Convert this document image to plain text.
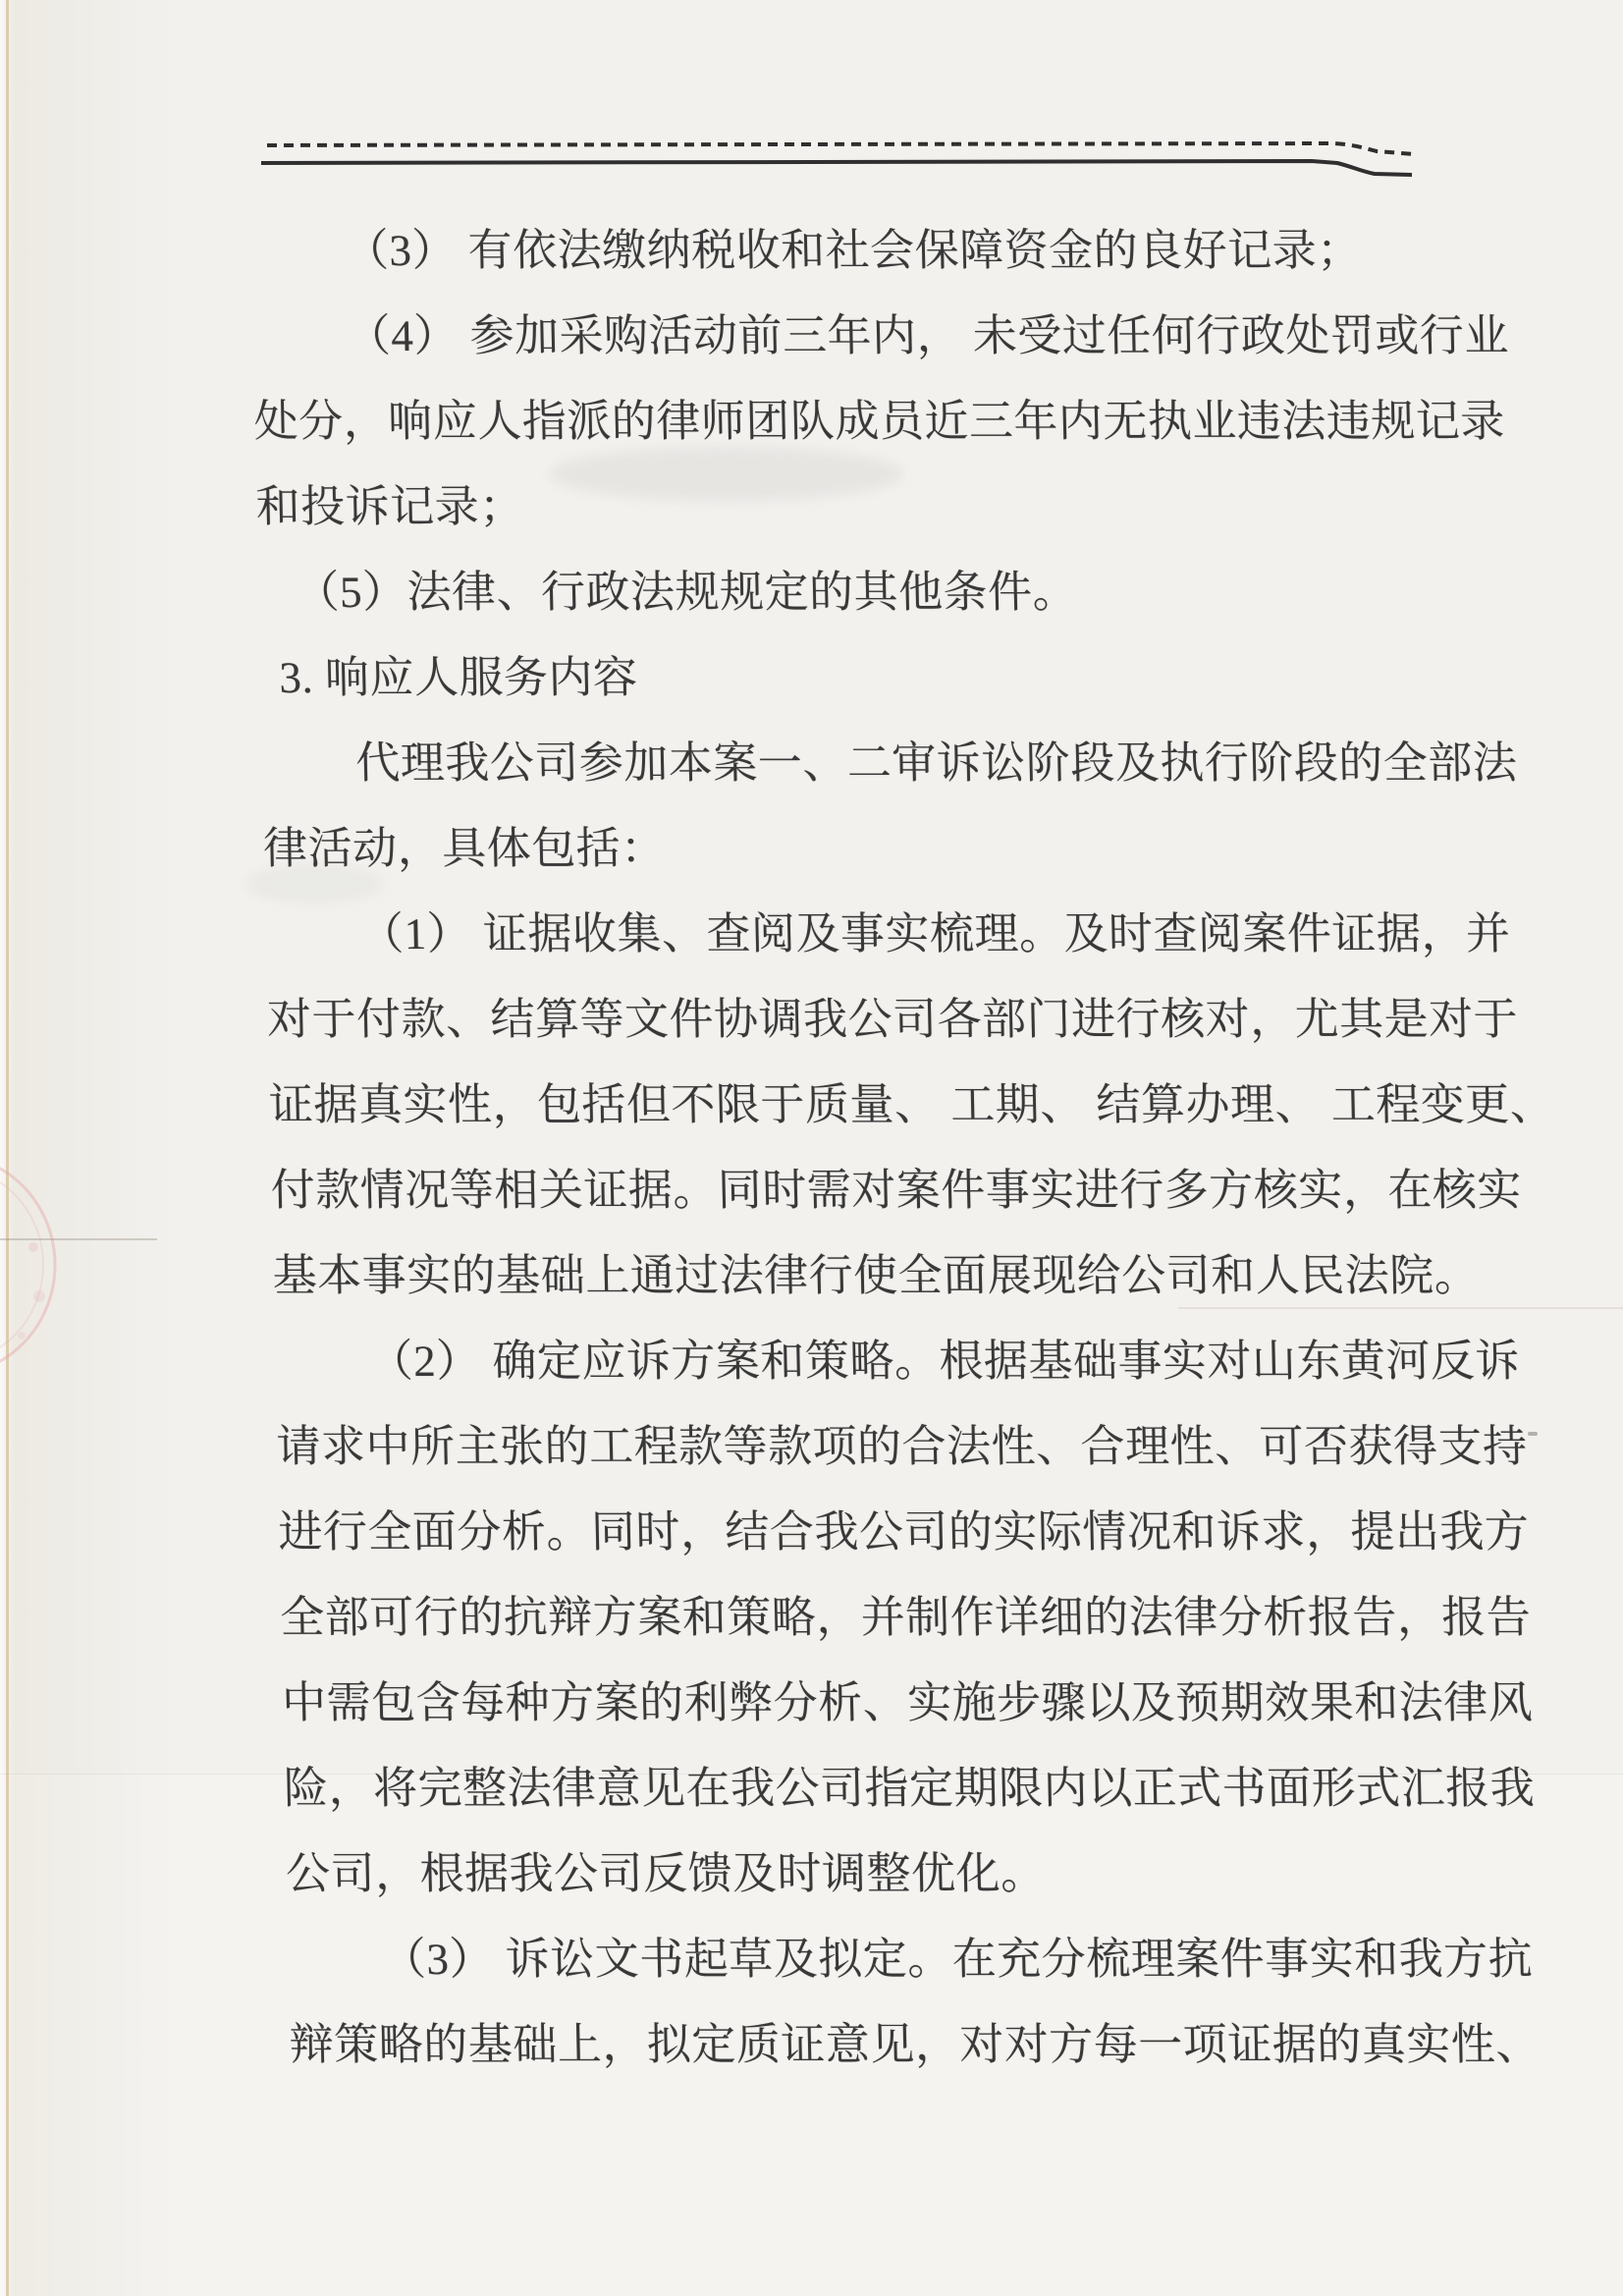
（3） 有依法缴纳税收和社会保障资金的良好记录；
（4） 参加采购活动前三年内， 未受过任何行政处罚或行业
处分，响应人指派的律师团队成员近三年内无执业违法违规记录
和投诉记录；
（5）法律、行政法规规定的其他条件。
3. 响应人服务内容
代理我公司参加本案一、二审诉讼阶段及执行阶段的全部法
律活动，具体包括：
（1） 证据收集、查阅及事实梳理。及时查阅案件证据，并
对于付款、结算等文件协调我公司各部门进行核对，尤其是对于
证据真实性，包括但不限于质量、 工期、 结算办理、 工程变更、
付款情况等相关证据。同时需对案件事实进行多方核实，在核实
基本事实的基础上通过法律行使全面展现给公司和人民法院。
（2） 确定应诉方案和策略。根据基础事实对山东黄河反诉
请求中所主张的工程款等款项的合法性、合理性、可否获得支持
进行全面分析。同时，结合我公司的实际情况和诉求，提出我方
全部可行的抗辩方案和策略，并制作详细的法律分析报告，报告
中需包含每种方案的利弊分析、实施步骤以及预期效果和法律风
险，将完整法律意见在我公司指定期限内以正式书面形式汇报我
公司，根据我公司反馈及时调整优化。
（3） 诉讼文书起草及拟定。在充分梳理案件事实和我方抗
辩策略的基础上，拟定质证意见，对对方每一项证据的真实性、
